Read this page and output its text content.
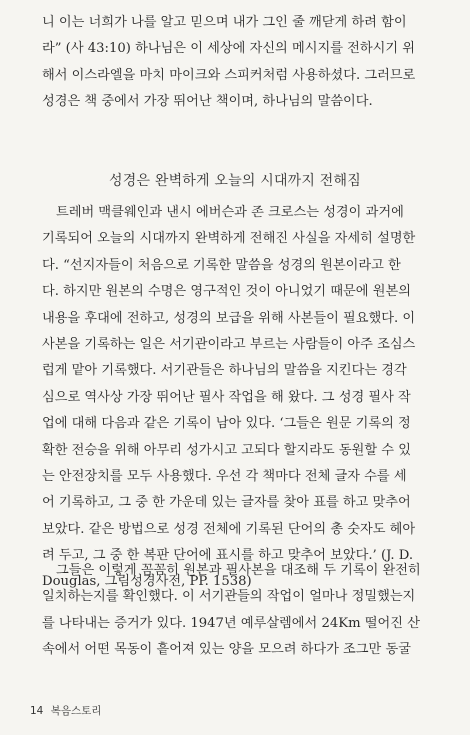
니 이는 너희가 나를 알고 믿으며 내가 그인 줄 깨닫게 하려 함이
라” (사 43:10) 하나님은 이 세상에 자신의 메시지를 전하시기 위
해서 이스라엘을 마치 마이크와 스피커처럼 사용하셨다. 그러므로
성경은 책 중에서 가장 뛰어난 책이며, 하나님의 말씀이다.
성경은 완벽하게 오늘의 시대까지 전해짐
트레버 맥클웨인과 낸시 에버슨과 존 크로스는 성경이 과거에
기록되어 오늘의 시대까지 완벽하게 전해진 사실을 자세히 설명한
다. “선지자들이 처음으로 기록한 말씀을 성경의 원본이라고 한
다. 하지만 원본의 수명은 영구적인 것이 아니었기 때문에 원본의
내용을 후대에 전하고, 성경의 보급을 위해 사본들이 필요했다. 이
사본을 기록하는 일은 서기관이라고 부르는 사람들이 아주 조심스
럽게 맡아 기록했다. 서기관들은 하나님의 말씀을 지킨다는 경각
심으로 역사상 가장 뛰어난 필사 작업을 해 왔다. 그 성경 필사 작
업에 대해 다음과 같은 기록이 남아 있다. ‘그들은 원문 기록의 정
확한 전승을 위해 아무리 성가시고 고되다 할지라도 동원할 수 있
는 안전장치를 모두 사용했다. 우선 각 책마다 전체 글자 수를 세
어 기록하고, 그 중 한 가운데 있는 글자를 찾아 표를 하고 맞추어
보았다. 같은 방법으로 성경 전체에 기록된 단어의 총 숫자도 헤아
려 두고, 그 중 한 복판 단어에 표시를 하고 맞추어 보았다.’ (J. D.
Douglas, 그림성경사전, PP. 1538)
그들은 이렇게 꼼꼼히 원본과 필사본을 대조해 두 기록이 완전히
일치하는지를 확인했다. 이 서기관들의 작업이 얼마나 정밀했는지
를 나타내는 증거가 있다. 1947년 예루살렘에서 24Km 떨어진 산
속에서 어떤 목동이 흩어져 있는 양을 모으려 하다가 조그만 동굴
14 복음스토리
